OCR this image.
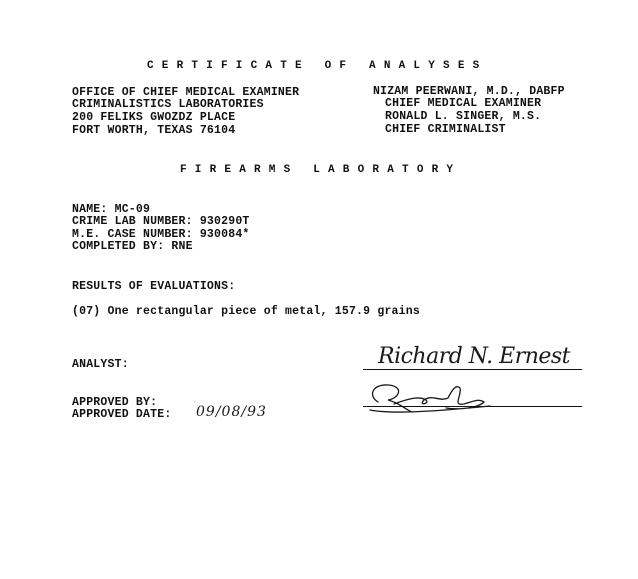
CERTIFICATE OF ANALYSES
OFFICE OF CHIEF MEDICAL EXAMINER
CRIMINALISTICS LABORATORIES
200 FELIKS GWOZDZ PLACE
FORT WORTH, TEXAS 76104
NIZAM PEERWANI, M.D., DABFP
CHIEF MEDICAL EXAMINER
RONALD L. SINGER, M.S.
CHIEF CRIMINALIST
FIREARMS LABORATORY
NAME: MC-09
CRIME LAB NUMBER: 930290T
M.E. CASE NUMBER: 930084*
COMPLETED BY: RNE
RESULTS OF EVALUATIONS:
(07) One rectangular piece of metal, 157.9 grains
ANALYST:	Richard N. Ernest
APPROVED BY:
APPROVED DATE: 09/08/93
